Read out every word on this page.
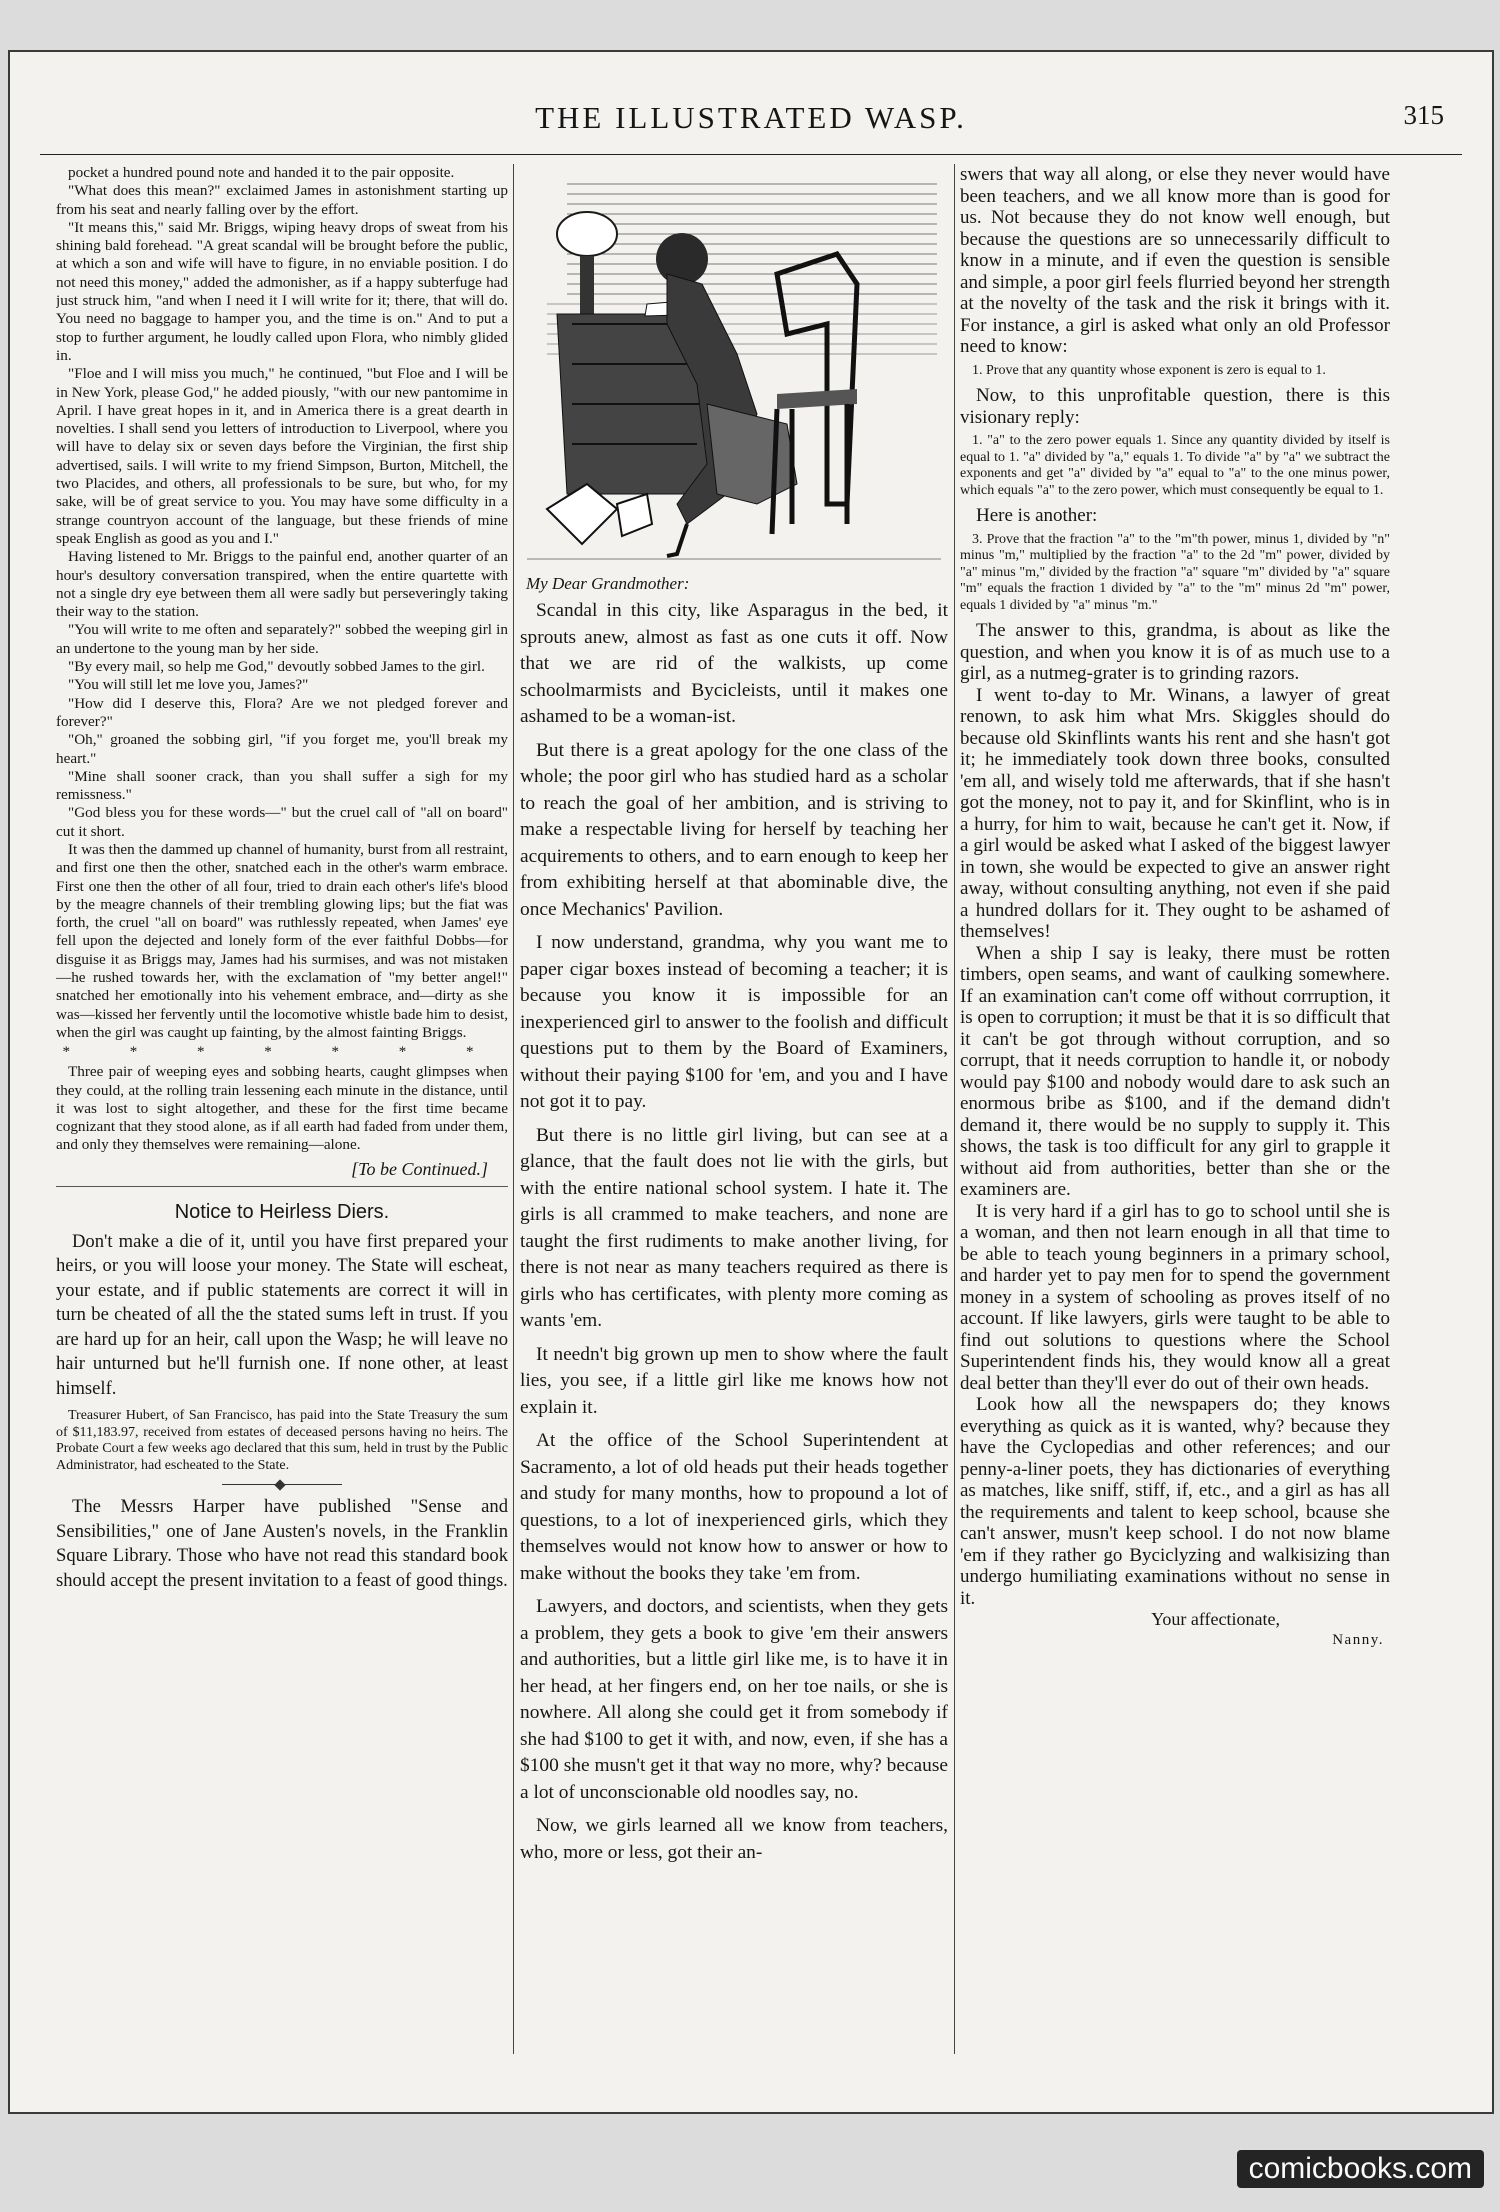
THE ILLUSTRATED WASP.	315

pocket a hundred pound note and handed it to the pair opposite.

"What does this mean?" exclaimed James in astonishment starting up from his seat and nearly falling over by the effort.

"It means this," said Mr. Briggs, wiping heavy drops of sweat from his shining bald forehead. "A great scandal will be brought before the public, at which a son and wife will have to figure, in no enviable position. I do not need this money," added the admonisher, as if a happy subterfuge had just struck him, "and when I need it I will write for it; there, that will do. You need no baggage to hamper you, and the time is on." And to put a stop to further argument, he loudly called upon Flora, who nimbly glided in.

"Floe and I will miss you much," he continued, "but Floe and I will be in New York, please God," he added piously, "with our new pantomime in April. I have great hopes in it, and in America there is a great dearth in novelties. I shall send you letters of introduction to Liverpool, where you will have to delay six or seven days before the Virginian, the first ship advertised, sails. I will write to my friend Simpson, Burton, Mitchell, the two Placides, and others, all professionals to be sure, but who, for my sake, will be of great service to you. You may have some difficulty in a strange countryon account of the language, but these friends of mine speak English as good as you and I."

Having listened to Mr. Briggs to the painful end, another quarter of an hour's desultory conversation transpired, when the entire quartette with not a single dry eye between them all were sadly but perseveringly taking their way to the station.

"You will write to me often and separately?" sobbed the weeping girl in an undertone to the young man by her side.

"By every mail, so help me God," devoutly sobbed James to the girl.

"You will still let me love you, James?"

"How did I deserve this, Flora? Are we not pledged forever and forever?"

"Oh," groaned the sobbing girl, "if you forget me, you'll break my heart."

"Mine shall sooner crack, than you shall suffer a sigh for my remissness."

"God bless you for these words—" but the cruel call of "all on board" cut it short.

It was then the dammed up channel of humanity, burst from all restraint, and first one then the other, snatched each in the other's warm embrace. First one then the other of all four, tried to drain each other's life's blood by the meagre channels of their trembling glowing lips; but the fiat was forth, the cruel "all on board" was ruthlessly repeated, when James' eye fell upon the dejected and lonely form of the ever faithful Dobbs—for disguise it as Briggs may, James had his surmises, and was not mistaken—he rushed towards her, with the exclamation of "my better angel!" snatched her emotionally into his vehement embrace, and—dirty as she was—kissed her fervently until the locomotive whistle bade him to desist, when the girl was caught up fainting, by the almost fainting Briggs.

* * * * * * *

Three pair of weeping eyes and sobbing hearts, caught glimpses when they could, at the rolling train lessening each minute in the distance, until it was lost to sight altogether, and these for the first time became cognizant that they stood alone, as if all earth had faded from under them, and only they themselves were remaining—alone.

[To be Continued.]
Notice to Heirless Diers.

Don't make a die of it, until you have first prepared your heirs, or you will loose your money. The State will escheat, your estate, and if public statements are correct it will in turn be cheated of all the the stated sums left in trust. If you are hard up for an heir, call upon the Wasp; he will leave no hair unturned but he'll furnish one. If none other, at least himself.

Treasurer Hubert, of San Francisco, has paid into the State Treasury the sum of $11,183.97, received from estates of deceased persons having no heirs. The Probate Court a few weeks ago declared that this sum, held in trust by the Public Administrator, had escheated to the State.

The Messrs Harper have published "Sense and Sensibilities," one of Jane Austen's novels, in the Franklin Square Library. Those who have not read this standard book should accept the present invitation to a feast of good things.

My Dear Grandmother:

Scandal in this city, like Asparagus in the bed, it sprouts anew, almost as fast as one cuts it off. Now that we are rid of the walkists, up come schoolmarmists and Bycicleists, until it makes one ashamed to be a woman-ist.

But there is a great apology for the one class of the whole; the poor girl who has studied hard as a scholar to reach the goal of her ambition, and is striving to make a respectable living for herself by teaching her acquirements to others, and to earn enough to keep her from exhibiting herself at that abominable dive, the once Mechanics' Pavilion.

I now understand, grandma, why you want me to paper cigar boxes instead of becoming a teacher; it is because you know it is impossible for an inexperienced girl to answer to the foolish and difficult questions put to them by the Board of Examiners, without their paying $100 for 'em, and you and I have not got it to pay.

But there is no little girl living, but can see at a glance, that the fault does not lie with the girls, but with the entire national school system. I hate it. The girls is all crammed to make teachers, and none are taught the first rudiments to make another living, for there is not near as many teachers required as there is girls who has certificates, with plenty more coming as wants 'em.

It needn't big grown up men to show where the fault lies, you see, if a little girl like me knows how not explain it.

At the office of the School Superintendent at Sacramento, a lot of old heads put their heads together and study for many months, how to propound a lot of questions, to a lot of inexperienced girls, which they themselves would not know how to answer or how to make without the books they take 'em from.

Lawyers, and doctors, and scientists, when they gets a problem, they gets a book to give 'em their answers and authorities, but a little girl like me, is to have it in her head, at her fingers end, on her toe nails, or she is nowhere. All along she could get it from somebody if she had $100 to get it with, and now, even, if she has a $100 she musn't get it that way no more, why? because a lot of unconscionable old noodles say, no.

Now, we girls learned all we know from teachers, who, more or less, got their an-

swers that way all along, or else they never would have been teachers, and we all know more than is good for us. Not because they do not know well enough, but because the questions are so unnecessarily difficult to know in a minute, and if even the question is sensible and simple, a poor girl feels flurried beyond her strength at the novelty of the task and the risk it brings with it. For instance, a girl is asked what only an old Professor need to know:

1. Prove that any quantity whose exponent is zero is equal to 1.

Now, to this unprofitable question, there is this visionary reply:

1. "a" to the zero power equals 1. Since any quantity divided by itself is equal to 1. "a" divided by "a," equals 1. To divide "a" by "a" we subtract the exponents and get "a" divided by "a" equal to "a" to the one minus power, which equals "a" to the zero power, which must consequently be equal to 1.

Here is another:

3. Prove that the fraction "a" to the "m"th power, minus 1, divided by "n" minus "m," multiplied by the fraction "a" to the 2d "m" power, divided by "a" minus "m," divided by the fraction "a" square "m" divided by "a" square "m" equals the fraction 1 divided by "a" to the "m" minus 2d "m" power, equals 1 divided by "a" minus "m."

The answer to this, grandma, is about as like the question, and when you know it is of as much use to a girl, as a nutmeg-grater is to grinding razors.

I went to-day to Mr. Winans, a lawyer of great renown, to ask him what Mrs. Skiggles should do because old Skinflints wants his rent and she hasn't got it; he immediately took down three books, consulted 'em all, and wisely told me afterwards, that if she hasn't got the money, not to pay it, and for Skinflint, who is in a hurry, for him to wait, because he can't get it. Now, if a girl would be asked what I asked of the biggest lawyer in town, she would be expected to give an answer right away, without consulting anything, not even if she paid a hundred dollars for it. They ought to be ashamed of themselves!

When a ship I say is leaky, there must be rotten timbers, open seams, and want of caulking somewhere. If an examination can't come off without corrruption, it is open to corruption; it must be that it is so difficult that it can't be got through without corruption, and so corrupt, that it needs corruption to handle it, or nobody would pay $100 and nobody would dare to ask such an enormous bribe as $100, and if the demand didn't demand it, there would be no supply to supply it. This shows, the task is too difficult for any girl to grapple it without aid from authorities, better than she or the examiners are.

It is very hard if a girl has to go to school until she is a woman, and then not learn enough in all that time to be able to teach young beginners in a primary school, and harder yet to pay men for to spend the government money in a system of schooling as proves itself of no account. If like lawyers, girls were taught to be able to find out solutions to questions where the School Superintendent finds his, they would know all a great deal better than they'll ever do out of their own heads.

Look how all the newspapers do; they knows everything as quick as it is wanted, why? because they have the Cyclopedias and other references; and our penny-a-liner poets, they has dictionaries of everything as matches, like sniff, stiff, if, etc., and a girl as has all the requirements and talent to keep school, bcause she can't answer, musn't keep school. I do not now blame 'em if they rather go Byciclyzing and walkisizing than undergo humiliating examinations without no sense in it.

Your affectionate,
Nanny.
comicbooks.com
